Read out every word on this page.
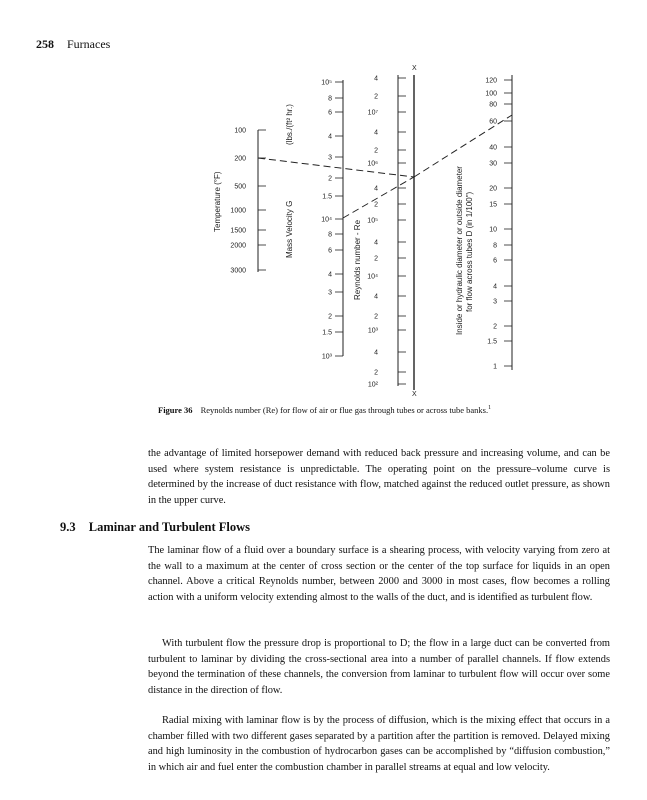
258 Furnaces
100
200
500
1000
1500
2000
3000
10⁵
8
6
4
3
2
1.5
10⁴
8
6
4
3
2
1.5
10³
4
2
10⁷
4
2
10⁶
4
2
10⁵
4
2
10⁴
4
2
10³
4
2
10²
120
100
80
60
40
30
20
15
10
8
6
4
3
2
1.5
1
Temperature (°F)	Mass Velocity G
(lbs./(ft² hr.)
Reynolds number - Re	Inside or hydraulic diameter or outside diameter for flow across tubes D (in 1/100")
X
X
Figure 36 Reynolds number (Re) for flow of air or flue gas through tubes or across tube banks.$^1$

the advantage of limited horsepower demand with reduced back pressure and increasing volume, and can be used where system resistance is unpredictable. The operating point on the pressure–volume curve is determined by the increase of duct resistance with flow, matched against the reduced outlet pressure, as shown in the upper curve.

9.3 Laminar and Turbulent Flows

The laminar flow of a fluid over a boundary surface is a shearing process, with velocity varying from zero at the wall to a maximum at the center of cross section or the center of the top surface for liquids in an open channel. Above a critical Reynolds number, between 2000 and 3000 in most cases, flow becomes a rolling action with a uniform velocity extending almost to the walls of the duct, and is identified as turbulent flow.

With turbulent flow the pressure drop is proportional to D; the flow in a large duct can be converted from turbulent to laminar by dividing the cross-sectional area into a number of parallel channels. If flow extends beyond the termination of these channels, the conversion from laminar to turbulent flow will occur over some distance in the direction of flow.

Radial mixing with laminar flow is by the process of diffusion, which is the mixing effect that occurs in a chamber filled with two different gases separated by a partition after the partition is removed. Delayed mixing and high luminosity in the combustion of hydrocarbon gases can be accomplished by “diffusion combustion,” in which air and fuel enter the combustion chamber in parallel streams at equal and low velocity.
